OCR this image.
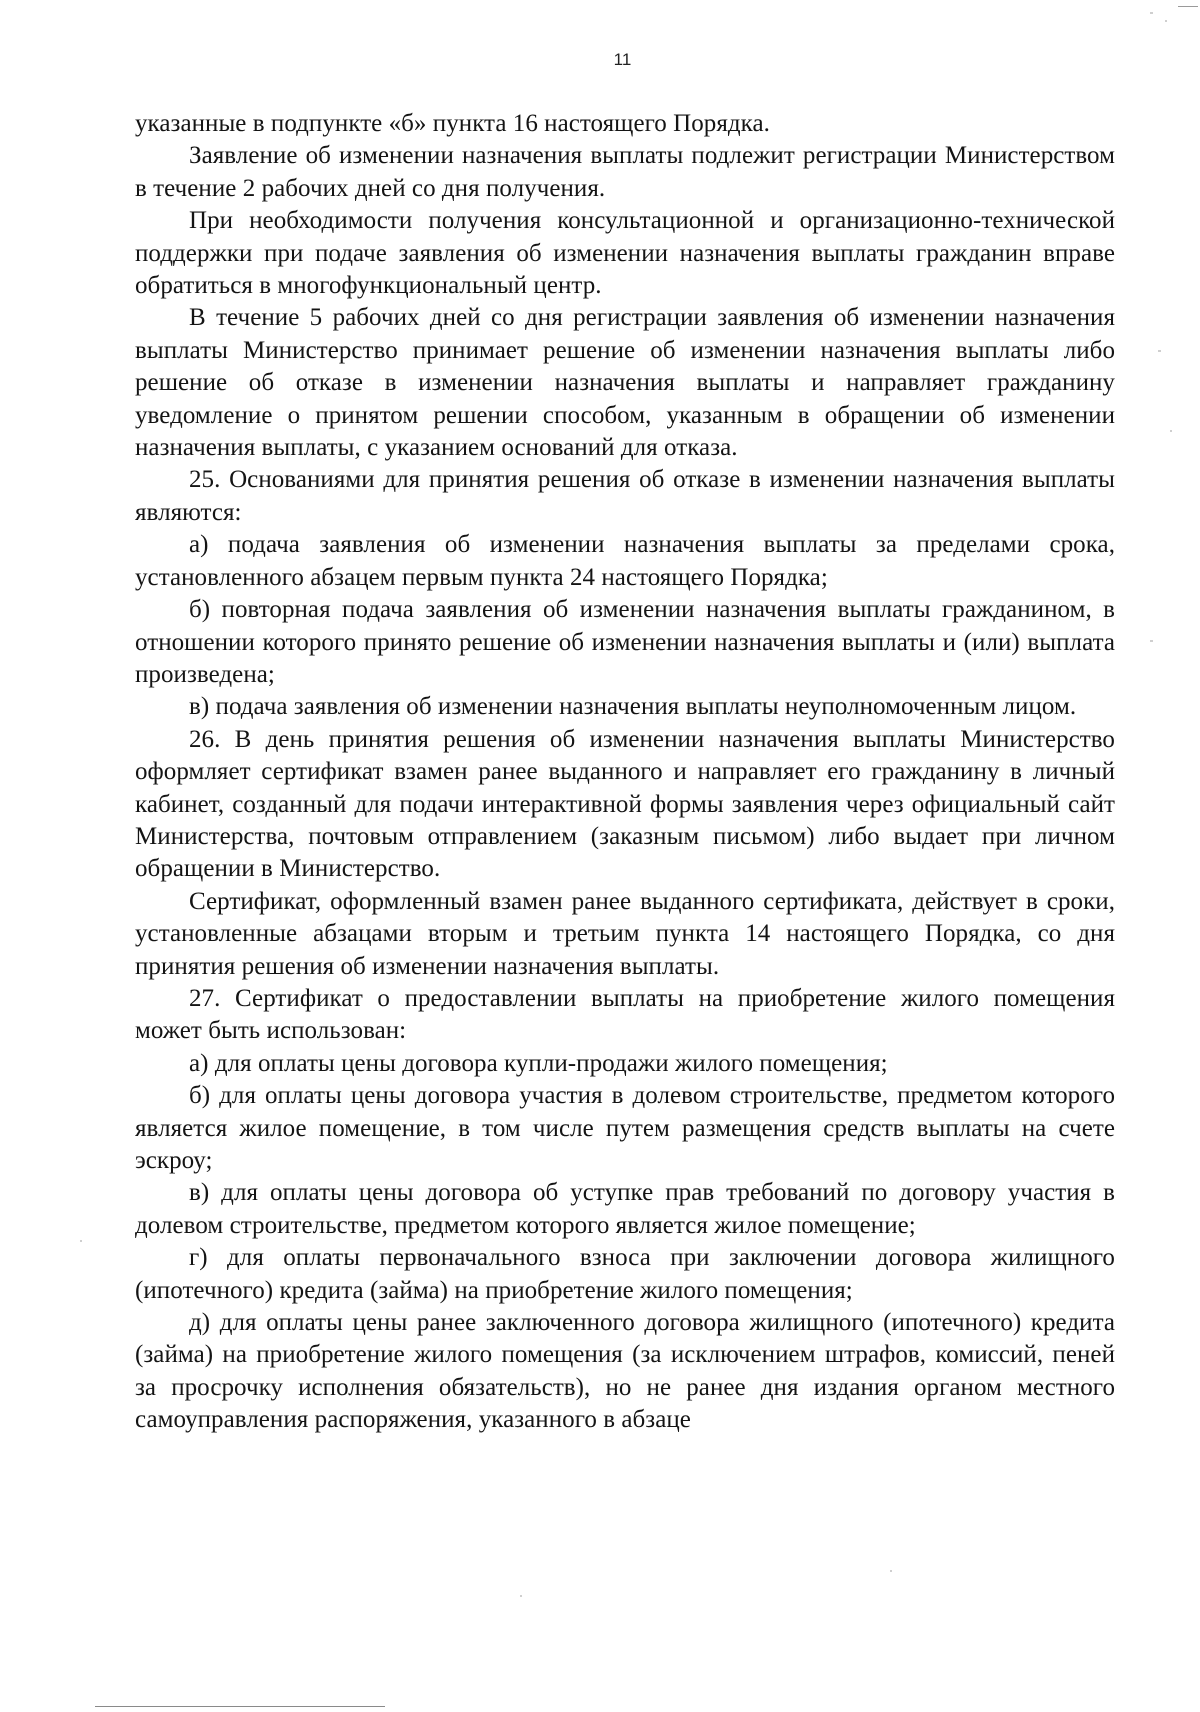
11

указанные в подпункте «б» пункта 16 настоящего Порядка.

Заявление об изменении назначения выплаты подлежит регистрации Министерством в течение 2 рабочих дней со дня получения.

При необходимости получения консультационной и организационно-технической поддержки при подаче заявления об изменении назначения выплаты гражданин вправе обратиться в многофункциональный центр.

В течение 5 рабочих дней со дня регистрации заявления об изменении назначения выплаты Министерство принимает решение об изменении назначения выплаты либо решение об отказе в изменении назначения выплаты и направляет гражданину уведомление о принятом решении способом, указанным в обращении об изменении назначения выплаты, с указанием оснований для отказа.

25. Основаниями для принятия решения об отказе в изменении назначения выплаты являются:

а) подача заявления об изменении назначения выплаты за пределами срока, установленного абзацем первым пункта 24 настоящего Порядка;

б) повторная подача заявления об изменении назначения выплаты гражданином, в отношении которого принято решение об изменении назначения выплаты и (или) выплата произведена;

в) подача заявления об изменении назначения выплаты неуполномоченным лицом.

26. В день принятия решения об изменении назначения выплаты Министерство оформляет сертификат взамен ранее выданного и направляет его гражданину в личный кабинет, созданный для подачи интерактивной формы заявления через официальный сайт Министерства, почтовым отправлением (заказным письмом) либо выдает при личном обращении в Министерство.

Сертификат, оформленный взамен ранее выданного сертификата, действует в сроки, установленные абзацами вторым и третьим пункта 14 настоящего Порядка, со дня принятия решения об изменении назначения выплаты.

27. Сертификат о предоставлении выплаты на приобретение жилого помещения может быть использован:

а) для оплаты цены договора купли-продажи жилого помещения;

б) для оплаты цены договора участия в долевом строительстве, предметом которого является жилое помещение, в том числе путем размещения средств выплаты на счете эскроу;

в) для оплаты цены договора об уступке прав требований по договору участия в долевом строительстве, предметом которого является жилое помещение;

г) для оплаты первоначального взноса при заключении договора жилищного (ипотечного) кредита (займа) на приобретение жилого помещения;

д) для оплаты цены ранее заключенного договора жилищного (ипотечного) кредита (займа) на приобретение жилого помещения (за исключением штрафов, комиссий, пеней за просрочку исполнения обязательств), но не ранее дня издания органом местного самоуправления распоряжения, указанного в абзаце
